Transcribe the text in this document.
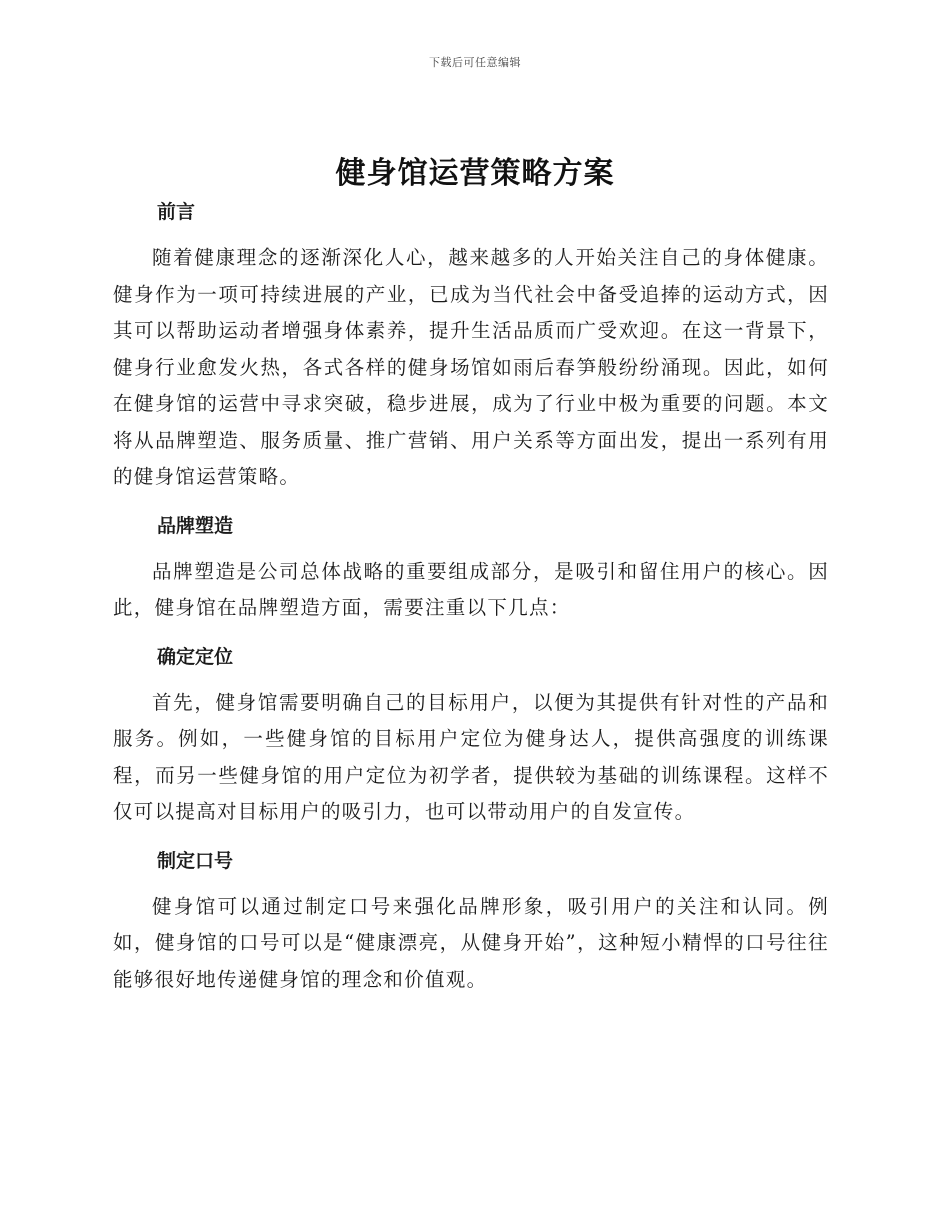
下载后可任意编辑
健身馆运营策略方案
前言

随着健康理念的逐渐深化人心，越来越多的人开始关注自己的身体健康。健身作为一项可持续进展的产业，已成为当代社会中备受追捧的运动方式，因其可以帮助运动者增强身体素养，提升生活品质而广受欢迎。在这一背景下，健身行业愈发火热，各式各样的健身场馆如雨后春笋般纷纷涌现。因此，如何在健身馆的运营中寻求突破，稳步进展，成为了行业中极为重要的问题。本文将从品牌塑造、服务质量、推广营销、用户关系等方面出发，提出一系列有用的健身馆运营策略。

品牌塑造

品牌塑造是公司总体战略的重要组成部分，是吸引和留住用户的核心。因此，健身馆在品牌塑造方面，需要注重以下几点：

确定定位

首先，健身馆需要明确自己的目标用户，以便为其提供有针对性的产品和服务。例如，一些健身馆的目标用户定位为健身达人，提供高强度的训练课程，而另一些健身馆的用户定位为初学者，提供较为基础的训练课程。这样不仅可以提高对目标用户的吸引力，也可以带动用户的自发宣传。

制定口号

健身馆可以通过制定口号来强化品牌形象，吸引用户的关注和认同。例如，健身馆的口号可以是“健康漂亮，从健身开始”，这种短小精悍的口号往往能够很好地传递健身馆的理念和价值观。
